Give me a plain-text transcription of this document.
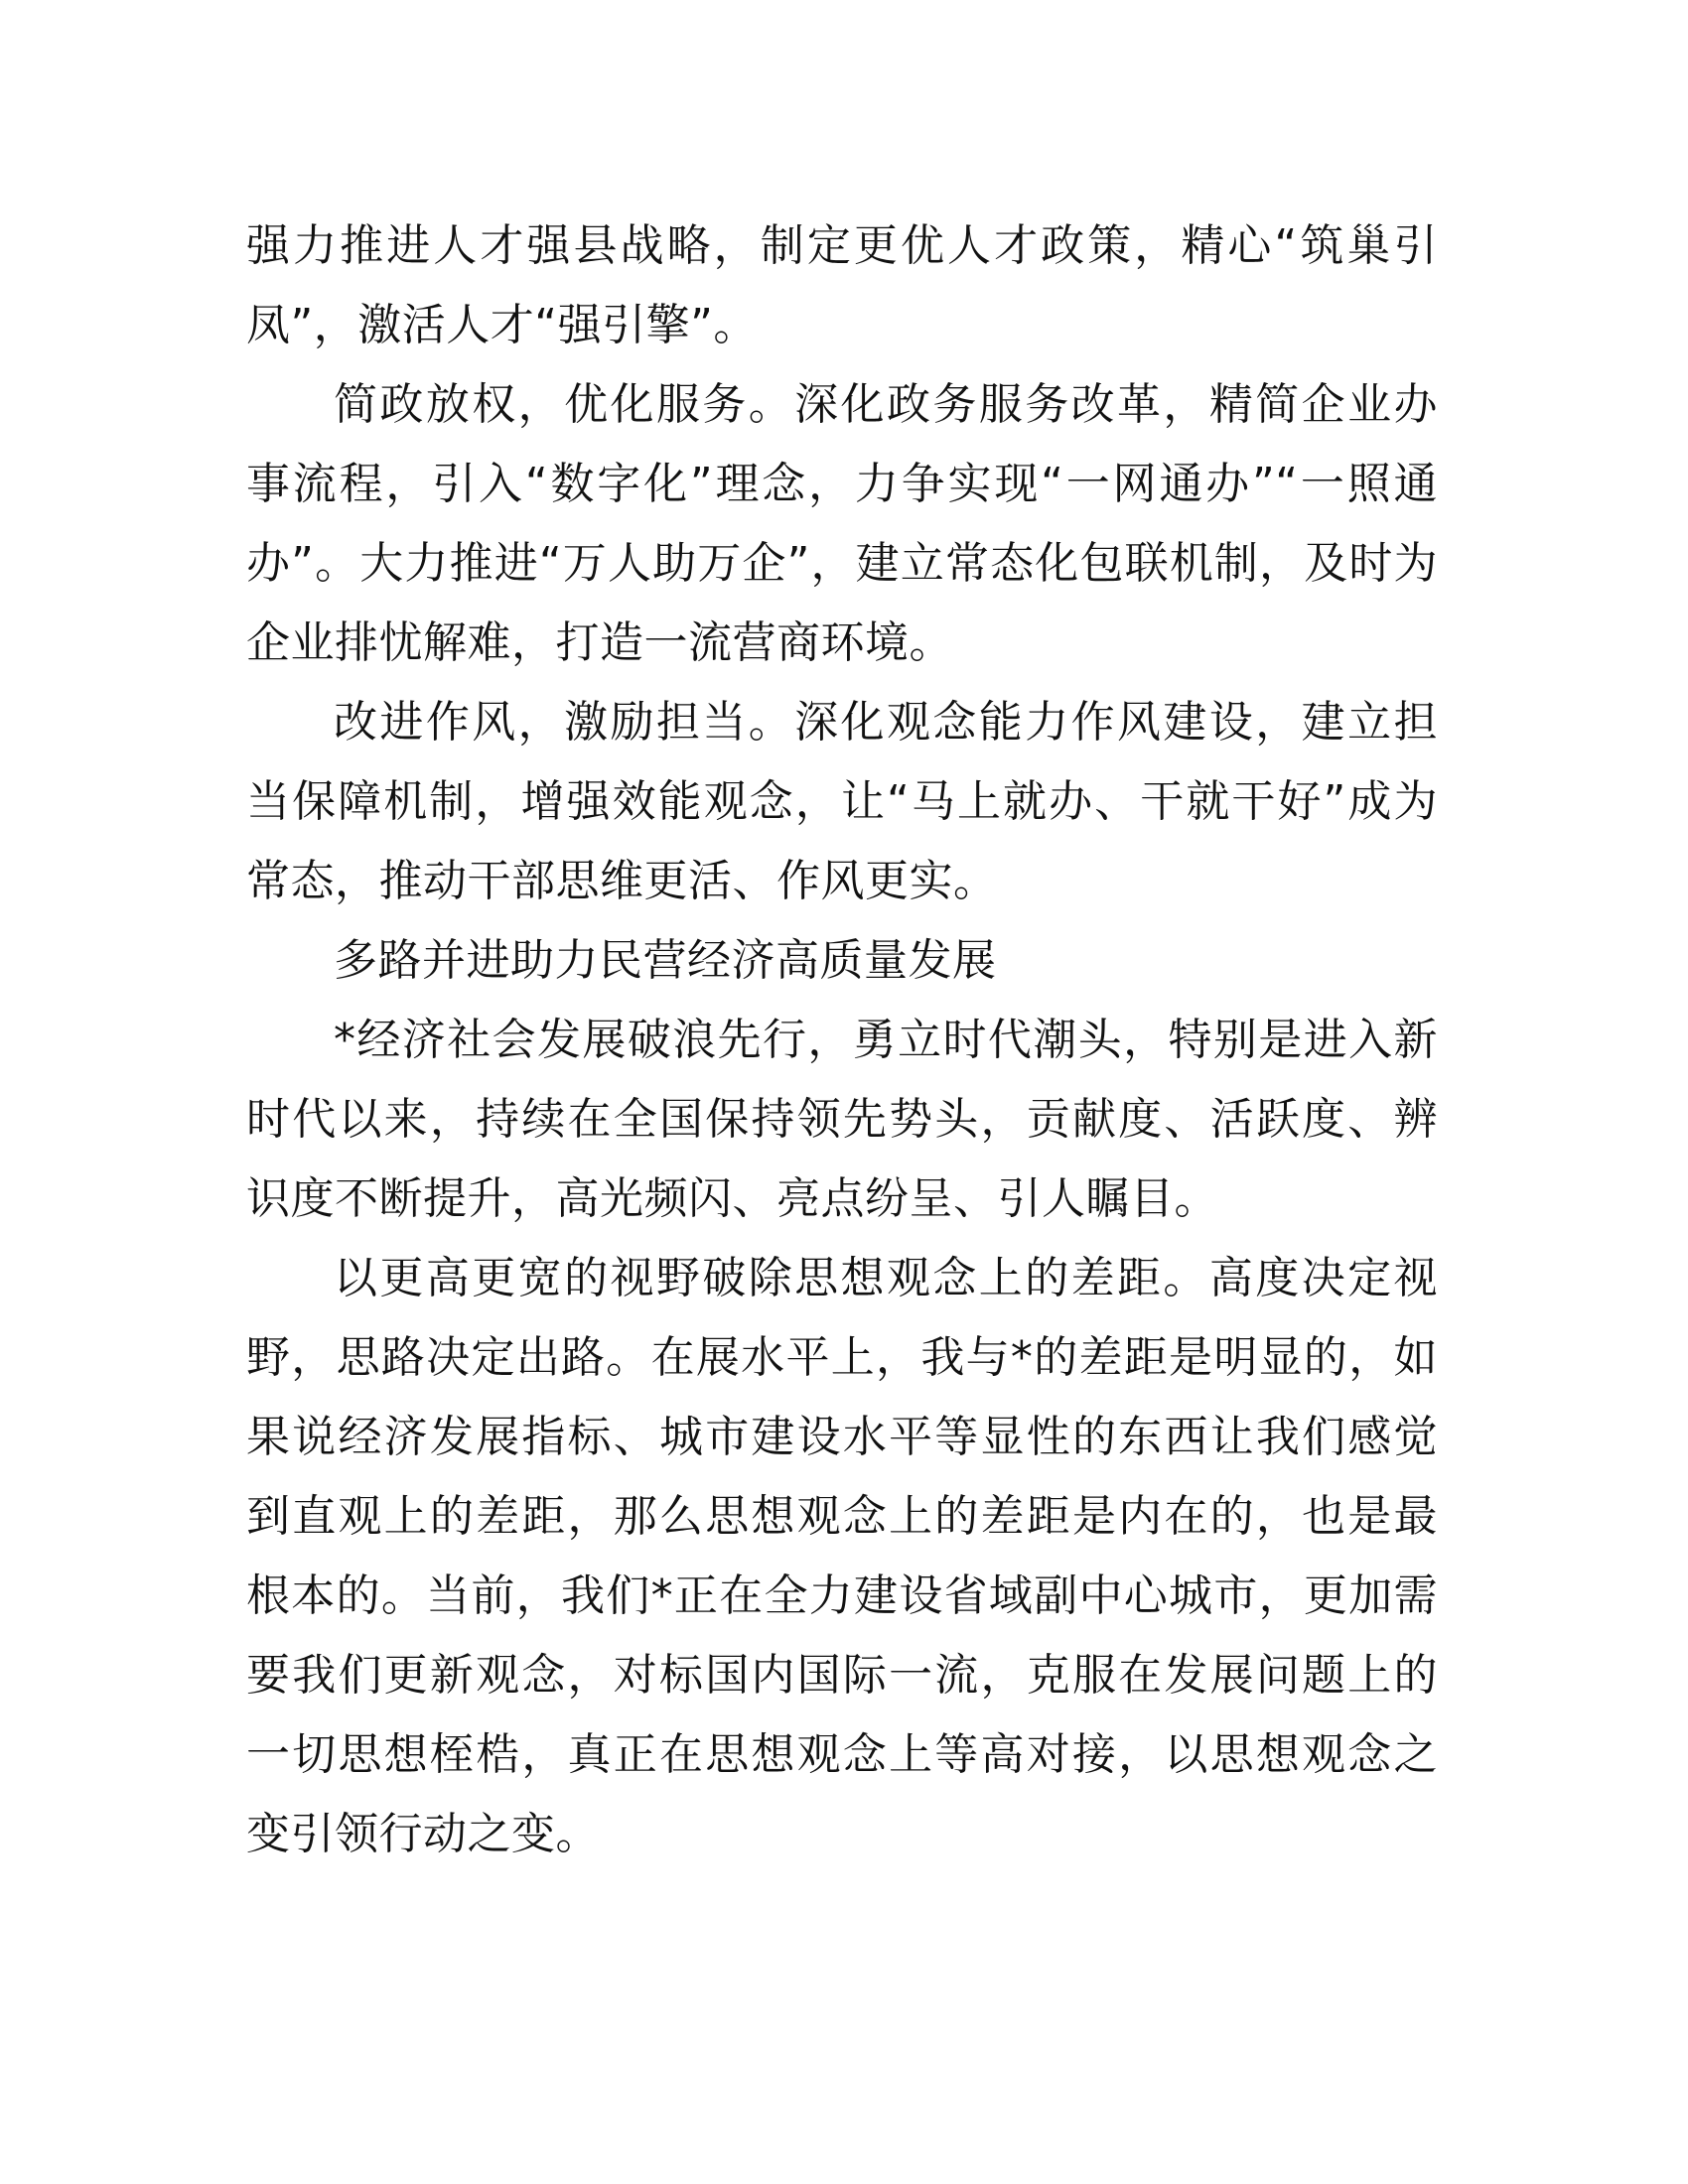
强力推进人才强县战略，制定更优人才政策，精心“筑巢引凤”，激活人才“强引擎”。

简政放权，优化服务。深化政务服务改革，精简企业办事流程，引入“数字化”理念，力争实现“一网通办”“一照通办”。大力推进“万人助万企”，建立常态化包联机制，及时为企业排忧解难，打造一流营商环境。

改进作风，激励担当。深化观念能力作风建设，建立担当保障机制，增强效能观念，让“马上就办、干就干好”成为常态，推动干部思维更活、作风更实。

多路并进助力民营经济高质量发展

*经济社会发展破浪先行，勇立时代潮头，特别是进入新时代以来，持续在全国保持领先势头，贡献度、活跃度、辨识度不断提升，高光频闪、亮点纷呈、引人瞩目。

以更高更宽的视野破除思想观念上的差距。高度决定视野，思路决定出路。在展水平上，我与*的差距是明显的，如果说经济发展指标、城市建设水平等显性的东西让我们感觉到直观上的差距，那么思想观念上的差距是内在的，也是最根本的。当前，我们*正在全力建设省域副中心城市，更加需要我们更新观念，对标国内国际一流，克服在发展问题上的一切思想桎梏，真正在思想观念上等高对接，以思想观念之变引领行动之变。
